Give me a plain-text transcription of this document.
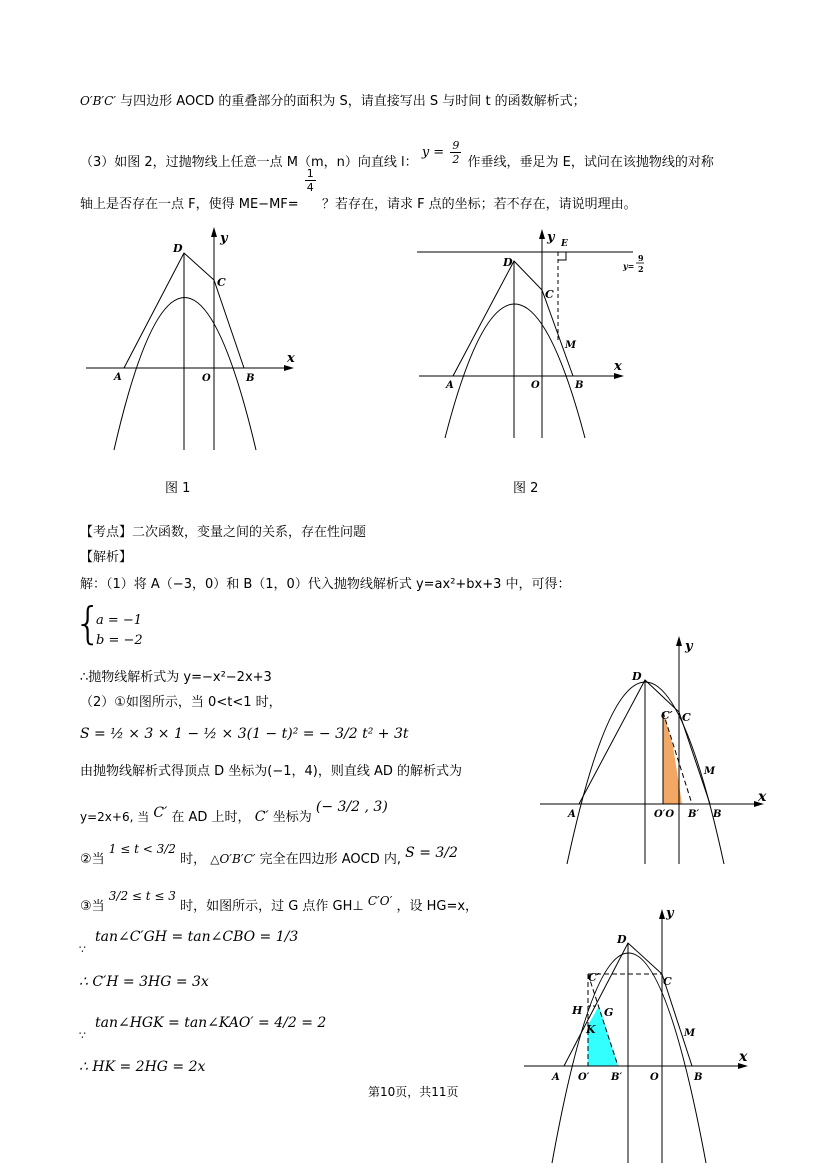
O′B′C′ 与四边形 AOCD 的重叠部分的面积为 S，请直接写出 S 与时间 t 的函数解析式；
（3）如图 2，过抛物线上任意一点 M（m，n）向直线 l： $y = \frac{9}{2}$ 作垂线，垂足为 E，试问在该抛物线的对称
轴上是否存在一点 F，使得 ME−MF=
$\frac{1}{4}$
？若存在，请求 F 点的坐标；若不存在，请说明理由。
D
C
y
x
A	O	B
图 1
D
C
y
x
A	O	B
E
M
y=
9
2
图 2
【考点】二次函数，变量之间的关系，存在性问题
【解析】
解：（1）将 A（−3，0）和 B（1，0）代入抛物线解析式 y=ax²+bx+3 中，可得：
{
a = −1
b = −2
∴抛物线解析式为 y=−x²−2x+3
（2）①如图所示，当 0<t<1 时，
S = ½ × 3 × 1 − ½ × 3(1 − t)² = − 3/2 t² + 3t
由抛物线解析式得顶点 D 坐标为(−1，4)，则直线 AD 的解析式为
y=2x+6, 当 C′ 在 AD 上时， C′ 坐标为 (− 3/2 , 3)
②当 1 ≤ t < 3/2 时， △O′B′C′ 完全在四边形 AOCD 内, S = 3/2
③当 3/2 ≤ t ≤ 3 时，如图所示，过 G 点作 GH⊥ C′O′ ，设 HG=x，
∵
tan∠C′GH = tan∠CBO = 1/3
∴ C′H = 3HG = 3x
∵
tan∠HGK = tan∠KAO′ = 4/2 = 2
∴ HK = 2HG = 2x
D
C′ C
y
x
A	O′O B′ B
M
D
C′	C
H G
K
y
x
A O′ B′	O	B
M
第10页，共11页
